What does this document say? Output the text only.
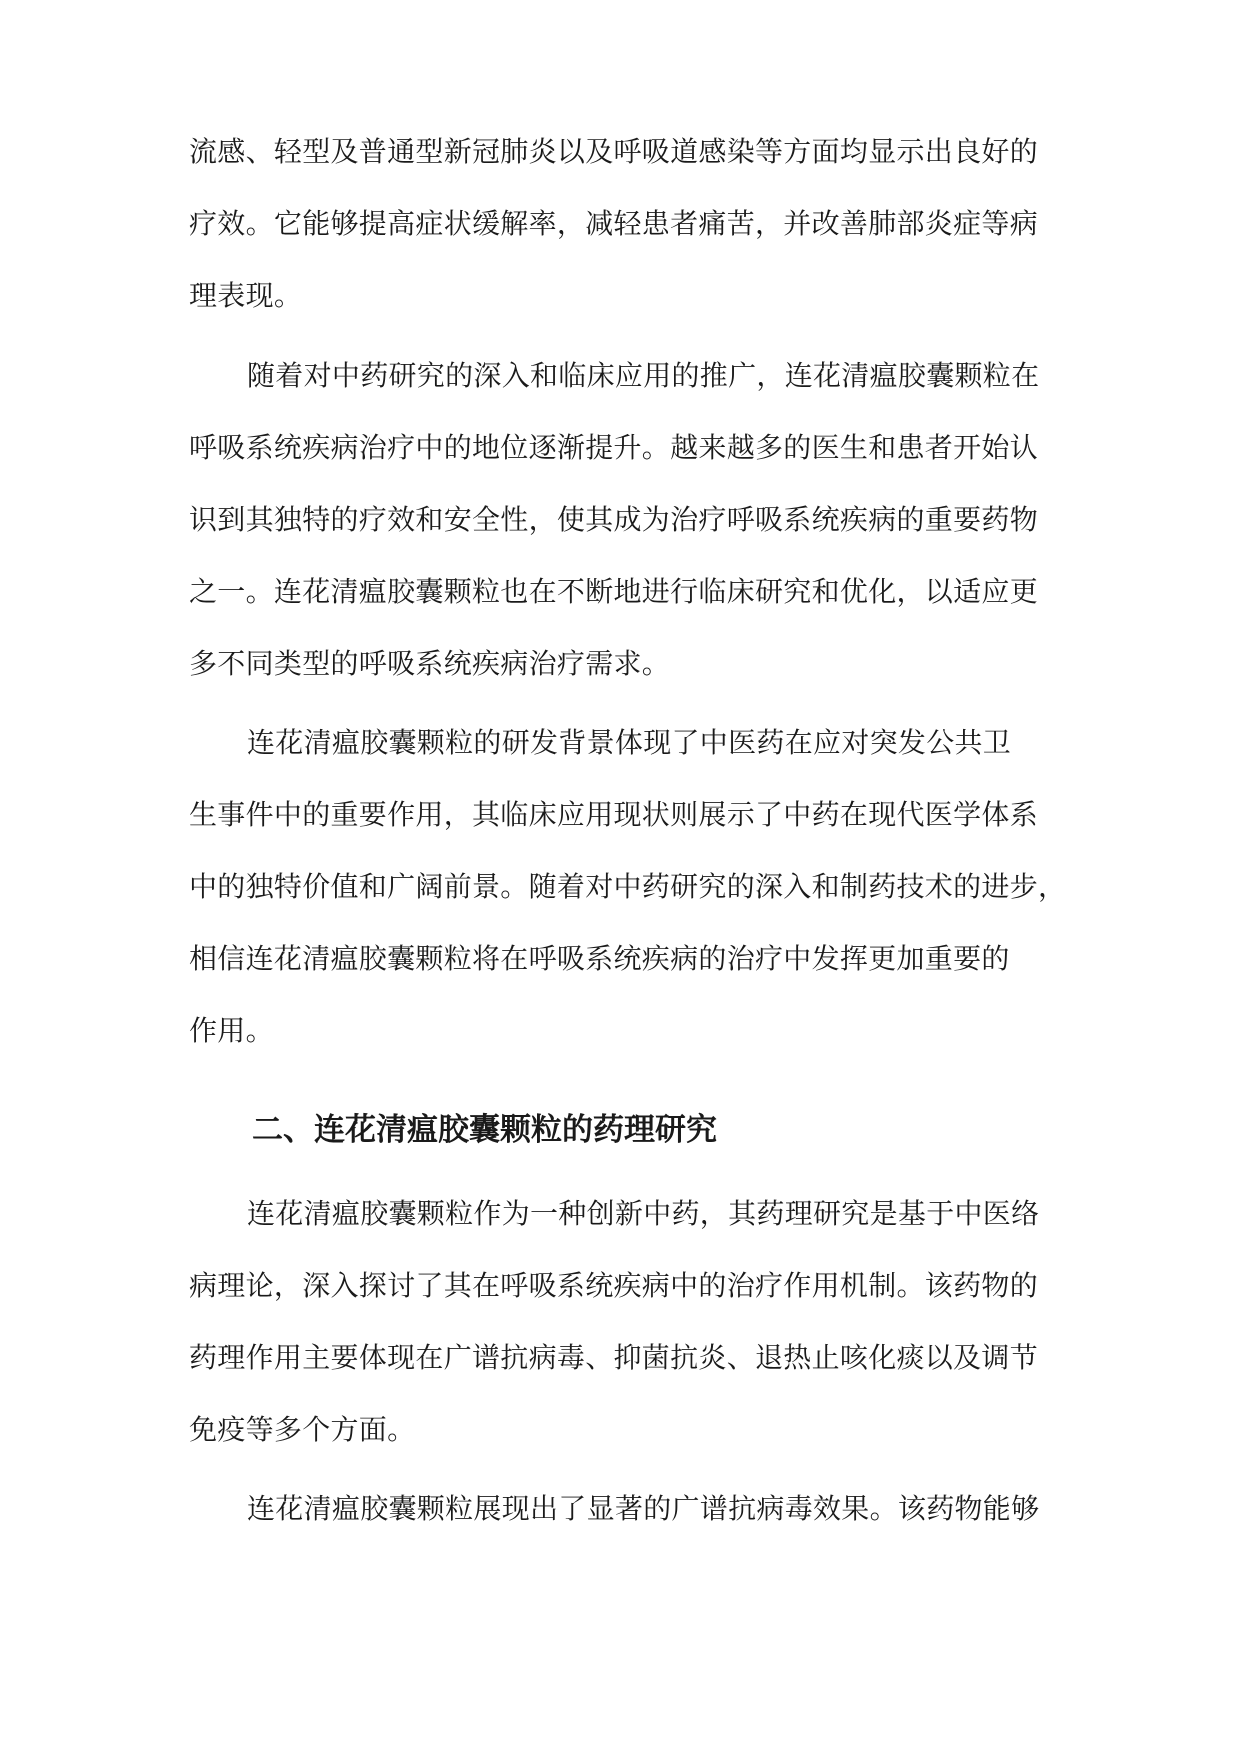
流感、轻型及普通型新冠肺炎以及呼吸道感染等方面均显示出良好的
疗效。它能够提高症状缓解率，减轻患者痛苦，并改善肺部炎症等病
理表现。
随着对中药研究的深入和临床应用的推广，连花清瘟胶囊颗粒在
呼吸系统疾病治疗中的地位逐渐提升。越来越多的医生和患者开始认
识到其独特的疗效和安全性，使其成为治疗呼吸系统疾病的重要药物
之一。连花清瘟胶囊颗粒也在不断地进行临床研究和优化，以适应更
多不同类型的呼吸系统疾病治疗需求。
连花清瘟胶囊颗粒的研发背景体现了中医药在应对突发公共卫
生事件中的重要作用，其临床应用现状则展示了中药在现代医学体系
中的独特价值和广阔前景。随着对中药研究的深入和制药技术的进步，
相信连花清瘟胶囊颗粒将在呼吸系统疾病的治疗中发挥更加重要的
作用。
二、连花清瘟胶囊颗粒的药理研究
连花清瘟胶囊颗粒作为一种创新中药，其药理研究是基于中医络
病理论，深入探讨了其在呼吸系统疾病中的治疗作用机制。该药物的
药理作用主要体现在广谱抗病毒、抑菌抗炎、退热止咳化痰以及调节
免疫等多个方面。
连花清瘟胶囊颗粒展现出了显著的广谱抗病毒效果。该药物能够
